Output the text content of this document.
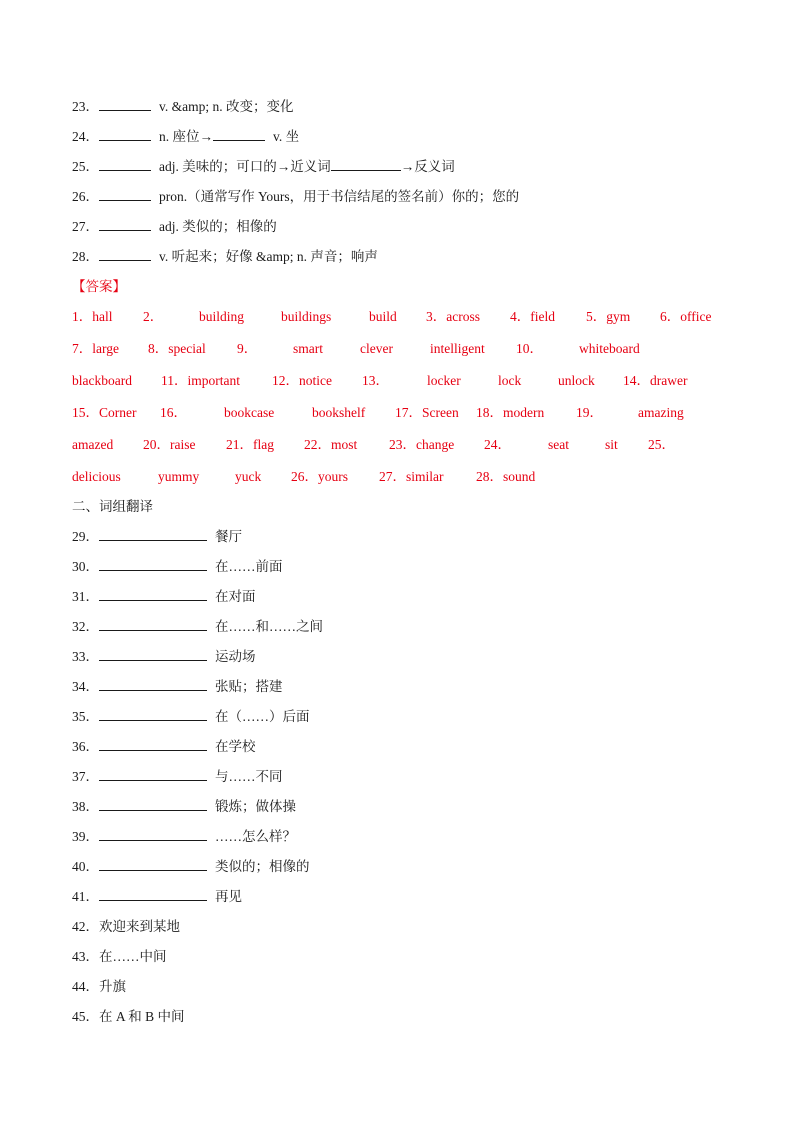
23．	v. &amp; n. 改变；变化
24．	n. 座位→	v. 坐
25．	adj. 美味的；可口的→近义词	→反义词
26．	pron.（通常写作 Yours，用于书信结尾的签名前）你的；您的
27．	adj. 类似的；相像的
28．	v. 听起来；好像 &amp; n. 声音；响声
【答案】
1．hall 2．	building	buildings	build 3．across 4．field 5．gym 6．office
7．large 8．special 9．	smart	clever	intelligent 10．	whiteboard
blackboard 11．important 12．notice 13．	locker	lock	unlock 14．drawer
15．Corner 16．	bookcase	bookshelf 17．Screen 18．modern 19．	amazing
amazed 20．raise 21．flag 22．most 23．change 24．	seat	sit 25．
delicious	yummy	yuck 26．yours 27．similar 28．sound
二、词组翻译
29．	餐厅
30．	在……前面
31．	在对面
32．	在……和……之间
33．	运动场
34．	张贴；搭建
35．	在（……）后面
36．	在学校
37．	与……不同
38．	锻炼；做体操
39．	……怎么样？
40．	类似的；相像的
41．	再见
42．欢迎来到某地
43．在……中间
44．升旗
45．在 A 和 B 中间
